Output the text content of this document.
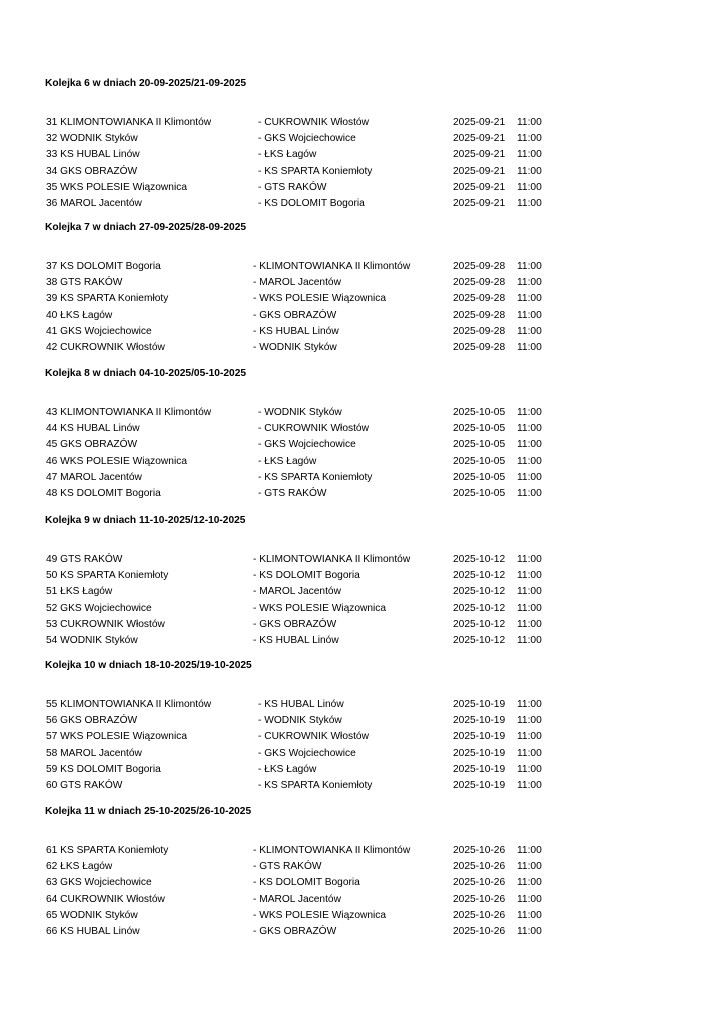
Kolejka 6 w dniach 20-09-2025/21-09-2025
31 KLIMONTOWIANKA II Klimontów	- CUKROWNIK Włostów	2025-09-21 11:00
32 WODNIK Styków	- GKS Wojciechowice	2025-09-21 11:00
33 KS HUBAL Linów	- ŁKS Łagów	2025-09-21 11:00
34 GKS OBRAZÓW	- KS SPARTA Koniemłoty	2025-09-21 11:00
35 WKS POLESIE Wiązownica	- GTS RAKÓW	2025-09-21 11:00
36 MAROL Jacentów	- KS DOLOMIT Bogoria	2025-09-21 11:00
Kolejka 7 w dniach 27-09-2025/28-09-2025
37 KS DOLOMIT Bogoria	- KLIMONTOWIANKA II Klimontów	2025-09-28 11:00
38 GTS RAKÓW	- MAROL Jacentów	2025-09-28 11:00
39 KS SPARTA Koniemłoty	- WKS POLESIE Wiązownica	2025-09-28 11:00
40 ŁKS Łagów	- GKS OBRAZÓW	2025-09-28 11:00
41 GKS Wojciechowice	- KS HUBAL Linów	2025-09-28 11:00
42 CUKROWNIK Włostów	- WODNIK Styków	2025-09-28 11:00
Kolejka 8 w dniach 04-10-2025/05-10-2025
43 KLIMONTOWIANKA II Klimontów	- WODNIK Styków	2025-10-05 11:00
44 KS HUBAL Linów	- CUKROWNIK Włostów	2025-10-05 11:00
45 GKS OBRAZÓW	- GKS Wojciechowice	2025-10-05 11:00
46 WKS POLESIE Wiązownica	- ŁKS Łagów	2025-10-05 11:00
47 MAROL Jacentów	- KS SPARTA Koniemłoty	2025-10-05 11:00
48 KS DOLOMIT Bogoria	- GTS RAKÓW	2025-10-05 11:00
Kolejka 9 w dniach 11-10-2025/12-10-2025
49 GTS RAKÓW	- KLIMONTOWIANKA II Klimontów	2025-10-12 11:00
50 KS SPARTA Koniemłoty	- KS DOLOMIT Bogoria	2025-10-12 11:00
51 ŁKS Łagów	- MAROL Jacentów	2025-10-12 11:00
52 GKS Wojciechowice	- WKS POLESIE Wiązownica	2025-10-12 11:00
53 CUKROWNIK Włostów	- GKS OBRAZÓW	2025-10-12 11:00
54 WODNIK Styków	- KS HUBAL Linów	2025-10-12 11:00
Kolejka 10 w dniach 18-10-2025/19-10-2025
55 KLIMONTOWIANKA II Klimontów	- KS HUBAL Linów	2025-10-19 11:00
56 GKS OBRAZÓW	- WODNIK Styków	2025-10-19 11:00
57 WKS POLESIE Wiązownica	- CUKROWNIK Włostów	2025-10-19 11:00
58 MAROL Jacentów	- GKS Wojciechowice	2025-10-19 11:00
59 KS DOLOMIT Bogoria	- ŁKS Łagów	2025-10-19 11:00
60 GTS RAKÓW	- KS SPARTA Koniemłoty	2025-10-19 11:00
Kolejka 11 w dniach 25-10-2025/26-10-2025
61 KS SPARTA Koniemłoty	- KLIMONTOWIANKA II Klimontów	2025-10-26 11:00
62 ŁKS Łagów	- GTS RAKÓW	2025-10-26 11:00
63 GKS Wojciechowice	- KS DOLOMIT Bogoria	2025-10-26 11:00
64 CUKROWNIK Włostów	- MAROL Jacentów	2025-10-26 11:00
65 WODNIK Styków	- WKS POLESIE Wiązownica	2025-10-26 11:00
66 KS HUBAL Linów	- GKS OBRAZÓW	2025-10-26 11:00
